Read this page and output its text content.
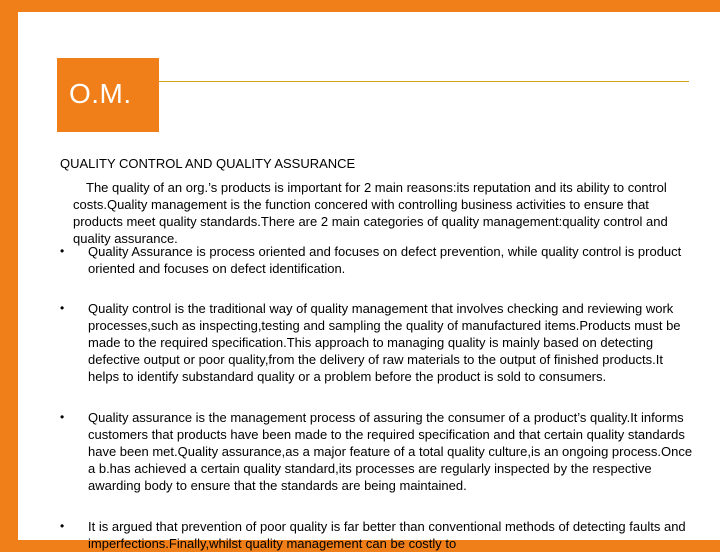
O.M.

QUALITY CONTROL AND QUALITY ASSURANCE

The quality of an org.’s products is important for 2 main reasons:its reputation and its ability to control costs.Quality management is the function concered with controlling business activities to ensure that products meet quality standards.There are 2 main categories of quality management:quality control and quality assurance.

• Quality Assurance is process oriented and focuses on defect prevention, while quality control is product oriented and focuses on defect identification.
• Quality control is the traditional way of quality management that involves checking and reviewing work processes,such as inspecting,testing and sampling the quality of manufactured items.Products must be made to the required specification.This approach to managing quality is mainly based on detecting defective output or poor quality,from the delivery of raw materials to the output of finished products.It helps to identify substandard quality or a problem before the product is sold to consumers.
• Quality assurance is the management process of assuring the consumer of a product’s quality.It informs customers that products have been made to the required specification and that certain quality standards have been met.Quality assurance,as a major feature of a total quality culture,is an ongoing process.Once a b.has achieved a certain quality standard,its processes are regularly inspected by the respective awarding body to ensure that the standards are being maintained.
• It is argued that prevention of poor quality is far better than conventional methods of detecting faults and imperfections.Finally,whilst quality management can be costly to
